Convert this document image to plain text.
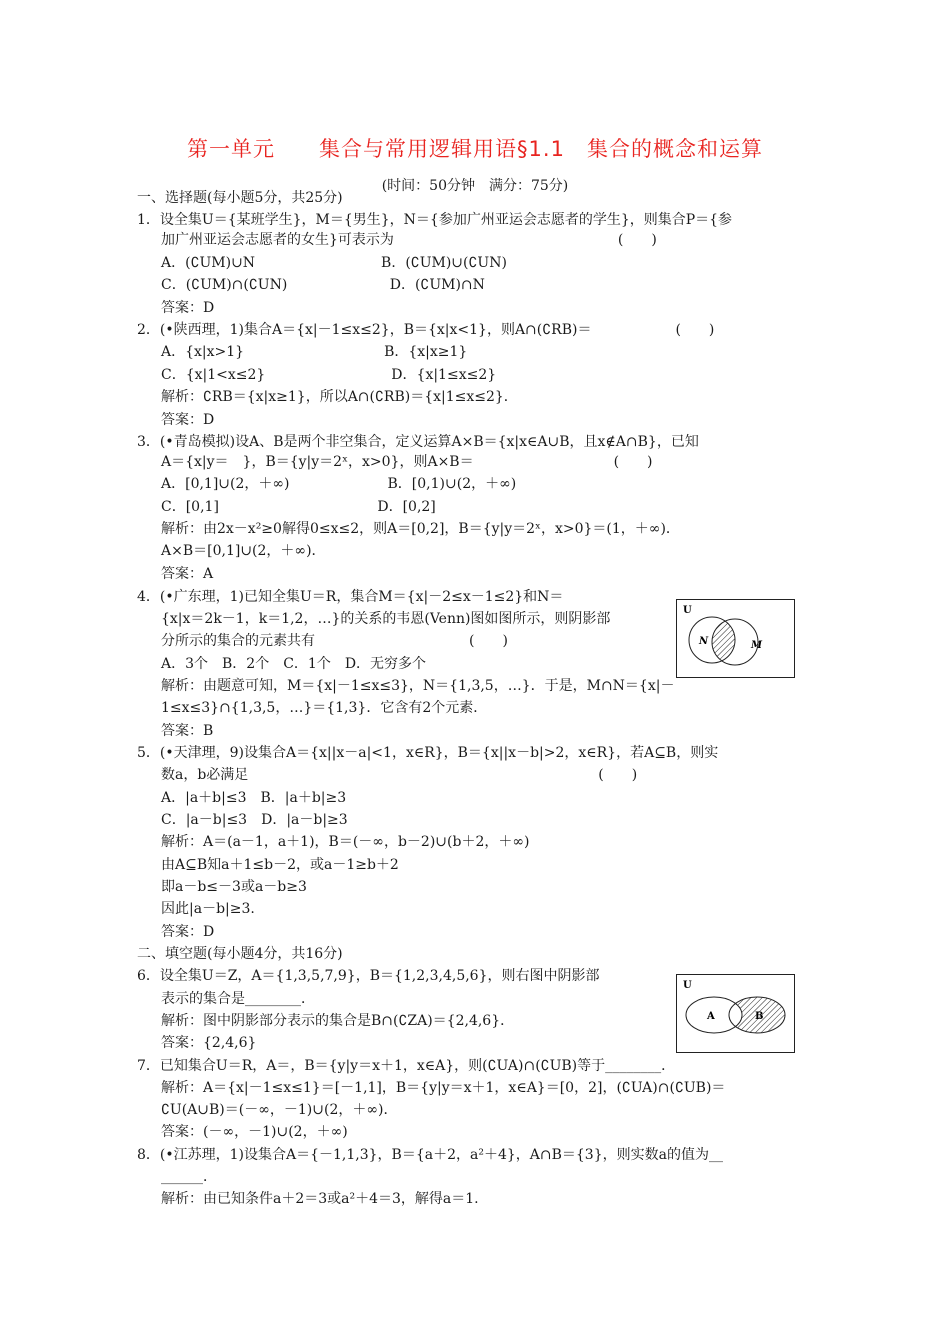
第一单元　　集合与常用逻辑用语§1.1　集合的概念和运算
(时间：50分钟　满分：75分)
一、选择题(每小题5分，共25分)
1．设全集U＝{某班学生}，M＝{男生}，N＝{参加广州亚运会志愿者的学生}，则集合P＝{参
加广州亚运会志愿者的女生}可表示为　　　　　　　　　　　　　　　　(　　)
A．(∁UM)∪N　　　　　　　　　B．(∁UM)∪(∁UN)
C．(∁UM)∩(∁UN)　　　　　　　 D．(∁UM)∩N
答案：D
2．(•陕西理，1)集合A＝{x|－1≤x≤2}，B＝{x|x<1}，则A∩(∁RB)＝　　　　　　(　　)
A．{x|x>1}　　　　　　　　　　B．{x|x≥1}
C．{x|1<x≤2}　　　　　　　　　D．{x|1≤x≤2}
解析：∁RB＝{x|x≥1}，所以A∩(∁RB)＝{x|1≤x≤2}．
答案：D
3．(•青岛模拟)设A、B是两个非空集合，定义运算A×B＝{x|x∈A∪B，且x∉A∩B}，已知
A＝{x|y＝　}，B＝{y|y＝2ˣ，x>0}，则A×B＝　　　　　　　　　　(　　)
A．[0,1]∪(2，＋∞)　　　　　　　B．[0,1)∪(2，＋∞)
C．[0,1]　　　　　　　　　　　 D．[0,2]
解析：由2x－x²≥0解得0≤x≤2，则A＝[0,2]，B＝{y|y＝2ˣ，x>0}＝(1，＋∞)．
A×B＝[0,1]∪(2，＋∞)．
答案：A
4．(•广东理，1)已知全集U＝R，集合M＝{x|－2≤x－1≤2}和N＝
{x|x＝2k－1，k＝1,2，…}的关系的韦恩(Venn)图如图所示，则阴影部
分所示的集合的元素共有　　　　　　　　　　　(　　)
A．3个　B．2个　C．1个　D．无穷多个
解析：由题意可知，M＝{x|－1≤x≤3}，N＝{1,3,5，…}．于是，M∩N＝{x|－
1≤x≤3}∩{1,3,5，…}＝{1,3}．它含有2个元素．
答案：B
5．(•天津理，9)设集合A＝{x||x－a|<1，x∈R}，B＝{x||x－b|>2，x∈R}，若A⊆B，则实
数a，b必满足　　　　　　　　　　　　　　　　　　　　　　　　　(　　)
A．|a＋b|≤3　B．|a＋b|≥3
C．|a－b|≤3　D．|a－b|≥3
解析：A＝(a－1，a＋1)，B＝(－∞，b－2)∪(b＋2，＋∞)
由A⊆B知a＋1≤b－2，或a－1≥b＋2
即a－b≤－3或a－b≥3
因此|a－b|≥3.
答案：D
二、填空题(每小题4分，共16分)
6．设全集U＝Z，A＝{1,3,5,7,9}，B＝{1,2,3,4,5,6}，则右图中阴影部
表示的集合是________．
解析：图中阴影部分表示的集合是B∩(∁ZA)＝{2,4,6}．
答案：{2,4,6}
7．已知集合U＝R，A＝，B＝{y|y＝x＋1，x∈A}，则(∁UA)∩(∁UB)等于________．
解析：A＝{x|－1≤x≤1}＝[－1,1]，B＝{y|y＝x＋1，x∈A}＝[0，2]，(∁UA)∩(∁UB)＝
∁U(A∪B)＝(－∞，－1)∪(2，＋∞)．
答案：(－∞，－1)∪(2，＋∞)
8．(•江苏理，1)设集合A＝{－1,1,3}，B＝{a＋2，a²＋4}，A∩B＝{3}，则实数a的值为__
______．
解析：由已知条件a＋2＝3或a²＋4＝3，解得a＝1.
U
N	M
U
A	B
